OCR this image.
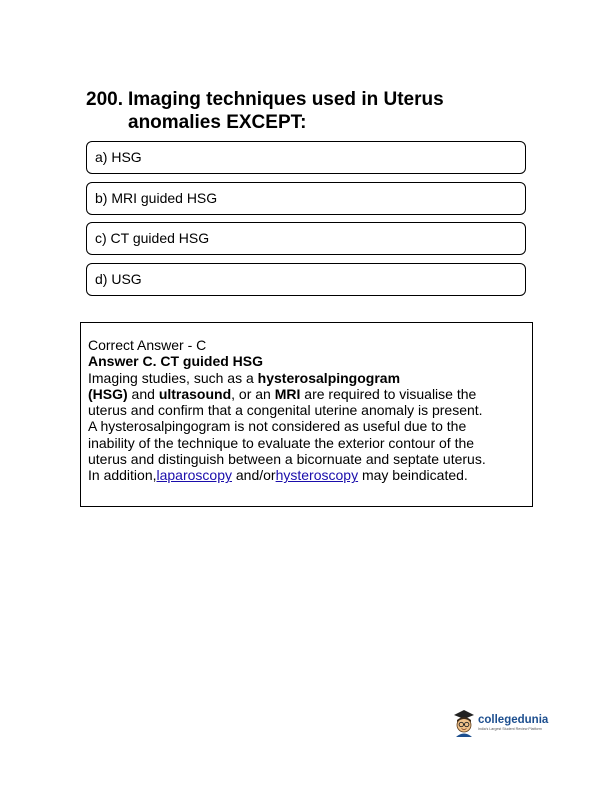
200. Imaging techniques used in Uterus anomalies EXCEPT:
a) HSG
b) MRI guided HSG
c) CT guided HSG
d) USG
Correct Answer - C
Answer C. CT guided HSG
Imaging studies, such as a hysterosalpingogram
(HSG) and ultrasound, or an MRI are required to visualise the
uterus and confirm that a congenital uterine anomaly is present.
A hysterosalpingogram is not considered as useful due to the
inability of the technique to evaluate the exterior contour of the
uterus and distinguish between a bicornuate and septate uterus.
In addition,laparoscopy and/orhysteroscopy may beindicated.
collegedunia
India's Largest Student Review Platform
